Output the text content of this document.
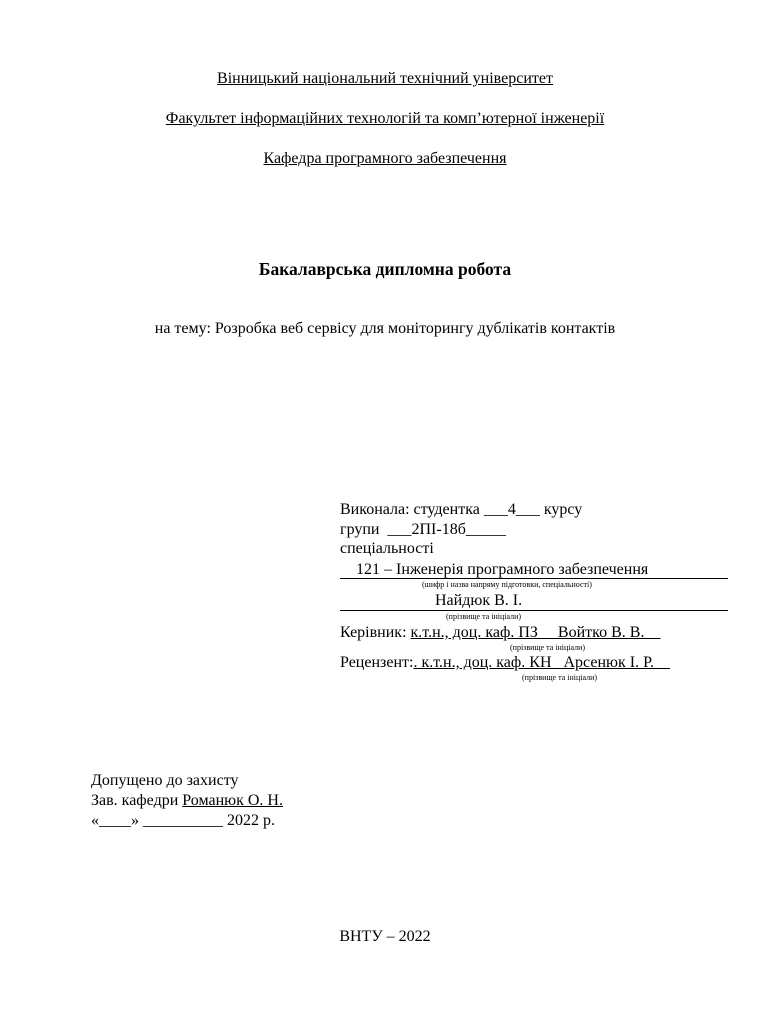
Вінницький національний технічний університет
Факультет інформаційних технологій та комп’ютерної інженерії
Кафедра програмного забезпечення
Бакалаврська дипломна робота
на тему: Розробка веб сервісу для моніторингу дублікатів контактів
Виконала: студентка ___4___ курсу
групи  ___2ПІ-18б_____
спеціальності
121 – Інженерія програмного забезпечення
(шифр і назва напряму підготовки, спеціальності)
Найдюк В. І.
(прізвище та ініціали)
Керівник: к.т.н., доц. каф. ПЗ     Войтко В. В.
(прізвище та ініціали)
Рецензент:. к.т.н., доц. каф. КН   Арсенюк І. Р.
(прізвище та ініціали)
Допущено до захисту
Зав. кафедри Романюк О. Н.
«____» __________ 2022 р.
ВНТУ – 2022
